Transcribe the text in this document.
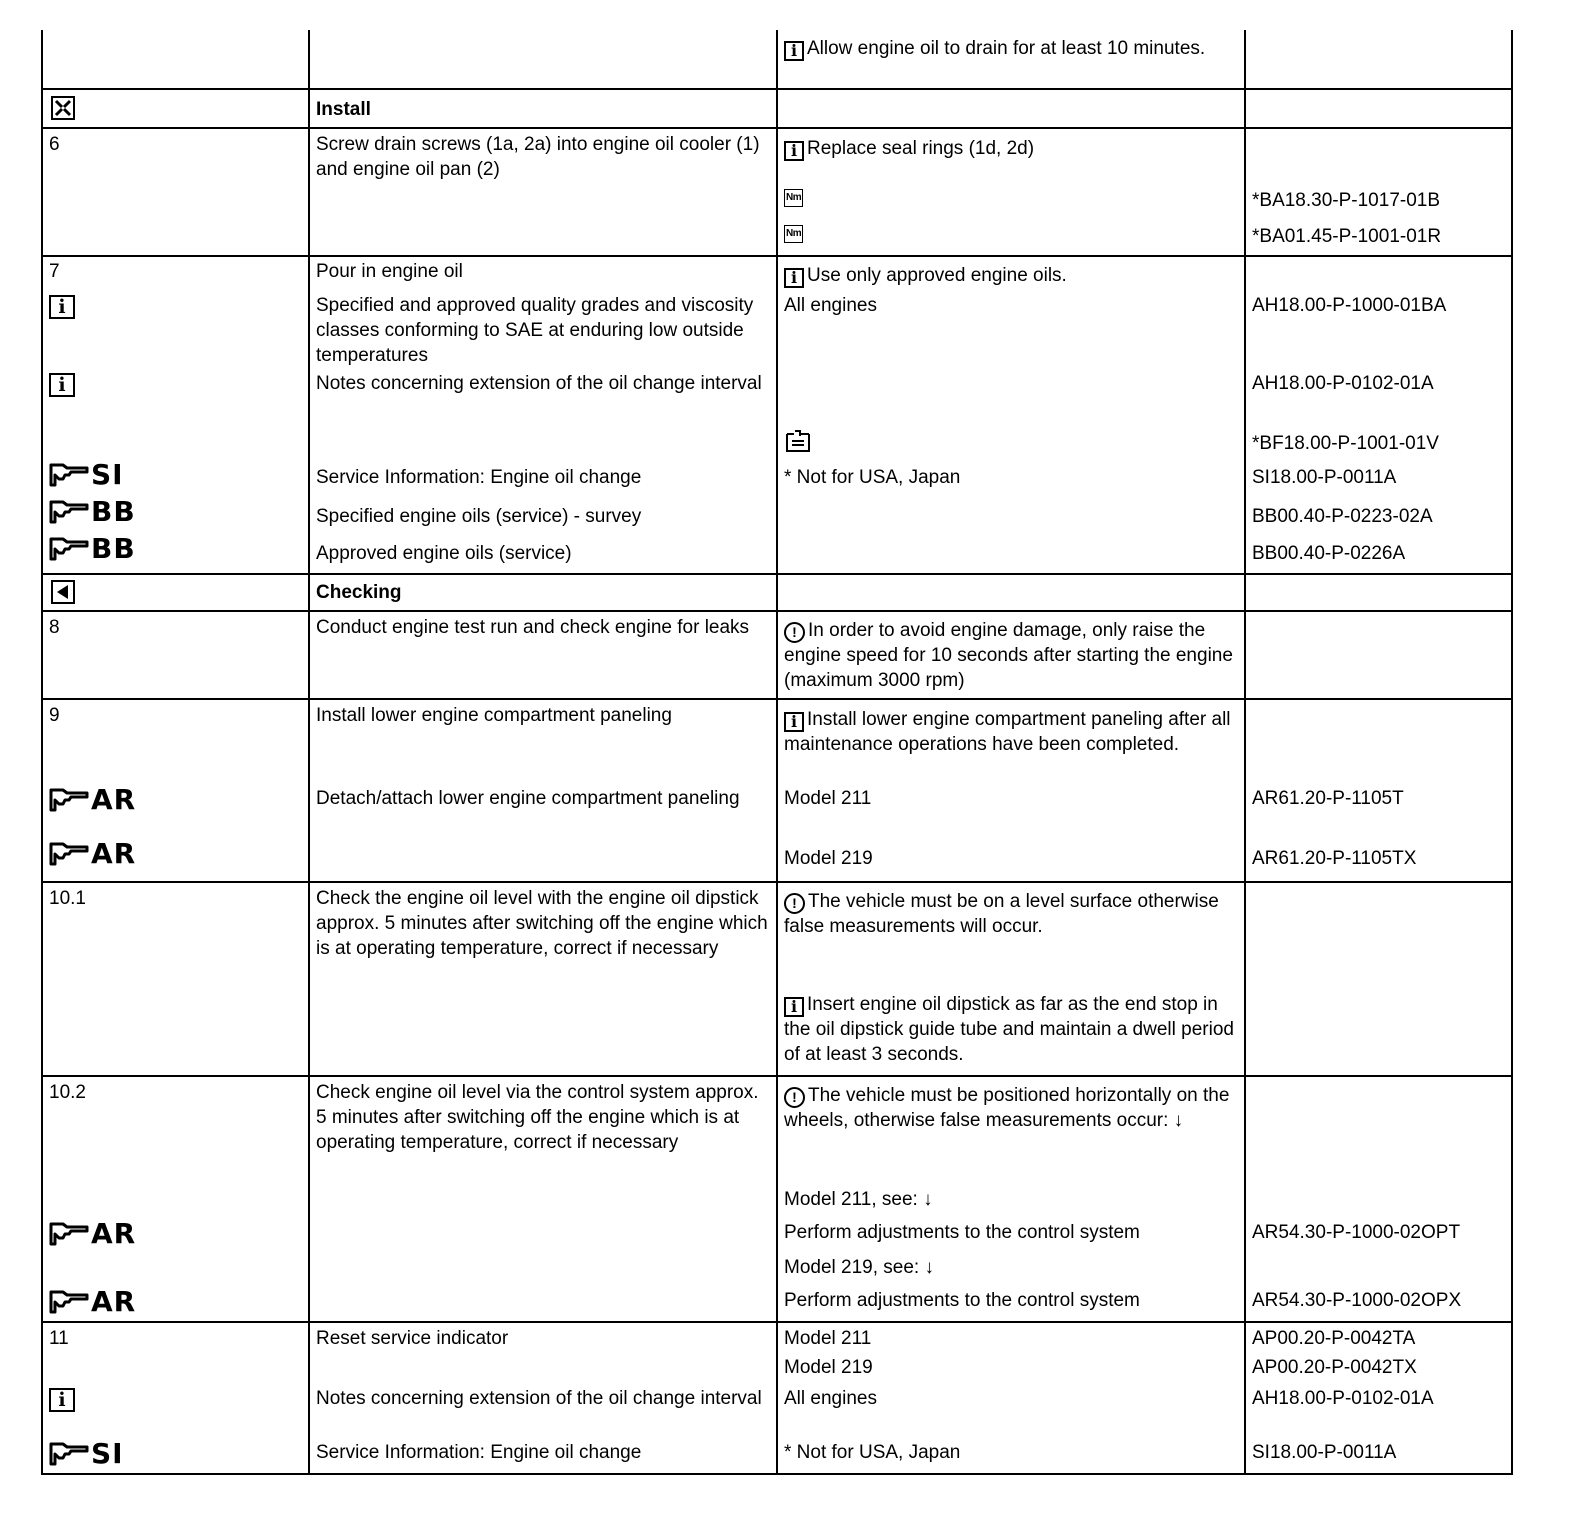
		i Allow engine oil to drain for at least 10 minutes.	
	Install		
6	Screw drain screws (1a, 2a) into engine oil cooler (1) and engine oil pan (2)	i Replace seal rings (1d, 2d)	
		Nm	*BA18.30-P-1017-01B
		Nm	*BA01.45-P-1001-01R
7	Pour in engine oil	i Use only approved engine oils.	
i	Specified and approved quality grades and viscosity classes conforming to SAE at enduring low outside temperatures	All engines	AH18.00-P-1000-01BA
i	Notes concerning extension of the oil change interval		AH18.00-P-0102-01A
			*BF18.00-P-1001-01V

SI	Service Information: Engine oil change	* Not for USA, Japan	SI18.00-P-0011A

BB	Specified engine oils (service) - survey		BB00.40-P-0223-02A

BB	Approved engine oils (service)		BB00.40-P-0226A
	Checking		
8	Conduct engine test run and check engine for leaks	! In order to avoid engine damage, only raise the engine speed for 10 seconds after starting the engine (maximum 3000 rpm)	
9	Install lower engine compartment paneling	i Install lower engine compartment paneling after all maintenance operations have been completed.	

AR	Detach/attach lower engine compartment paneling	Model 211	AR61.20-P-1105T

AR		Model 219	AR61.20-P-1105TX
10.1	Check the engine oil level with the engine oil dipstick approx. 5 minutes after switching off the engine which is at operating temperature, correct if necessary	! The vehicle must be on a level surface otherwise false measurements will occur.	
		i Insert engine oil dipstick as far as the end stop in the oil dipstick guide tube and maintain a dwell period of at least 3 seconds.	
10.2	Check engine oil level via the control system approx. 5 minutes after switching off the engine which is at operating temperature, correct if necessary	! The vehicle must be positioned horizontally on the wheels, otherwise false measurements occur: ↓	
		Model 211, see: ↓	

AR		Perform adjustments to the control system	AR54.30-P-1000-02OPT
		Model 219, see: ↓	

AR		Perform adjustments to the control system	AR54.30-P-1000-02OPX
11	Reset service indicator	Model 211	AP00.20-P-0042TA
		Model 219	AP00.20-P-0042TX
i	Notes concerning extension of the oil change interval	All engines	AH18.00-P-0102-01A

SI	Service Information: Engine oil change	* Not for USA, Japan	SI18.00-P-0011A
